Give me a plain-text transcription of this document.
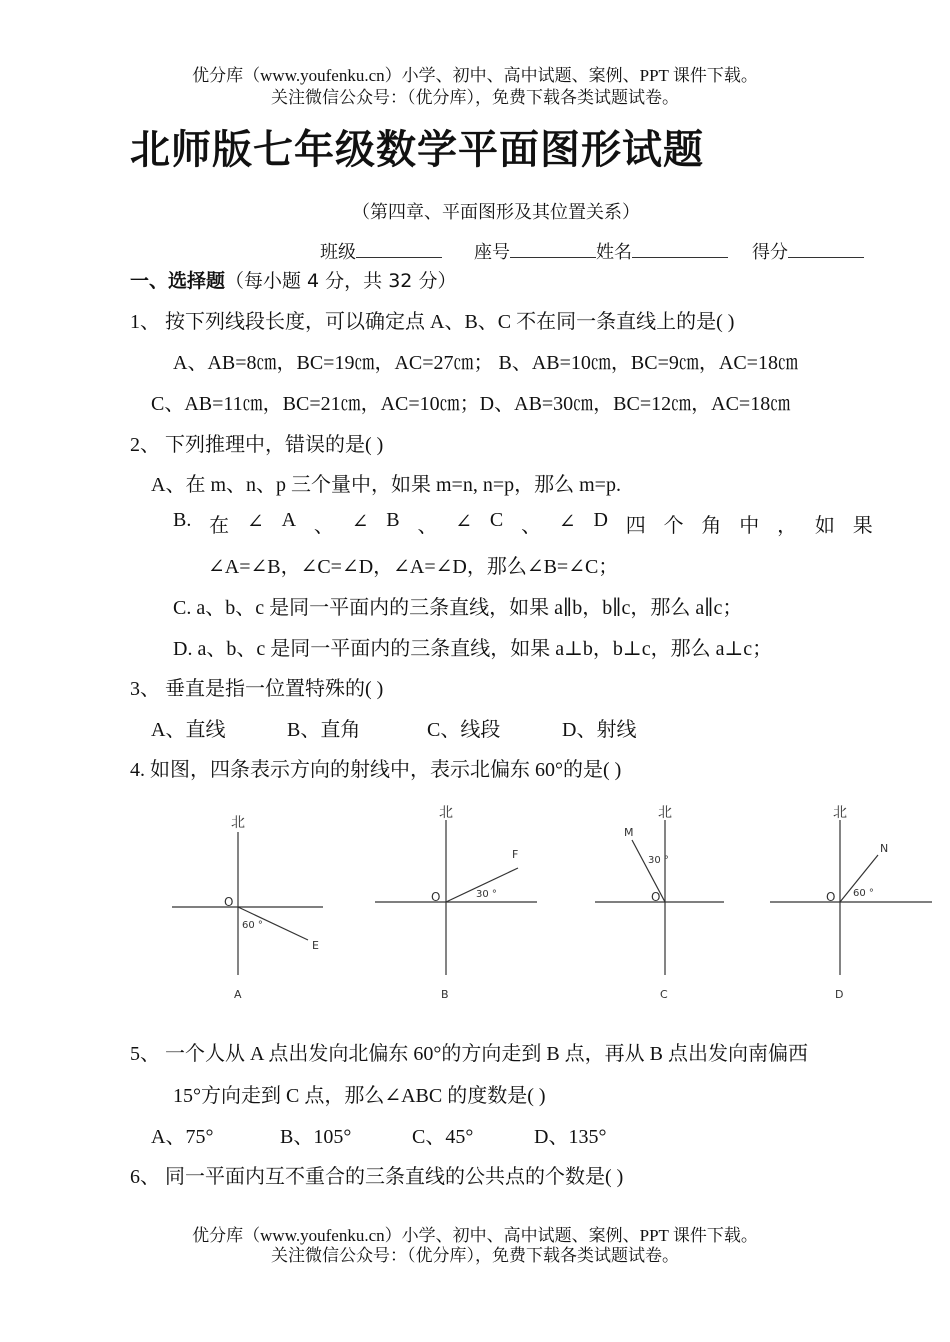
优分库（www.youfenku.cn）小学、初中、高中试题、案例、PPT 课件下载。
关注微信公众号：（优分库），免费下载各类试题试卷。
北师版七年级数学平面图形试题
（第四章、平面图形及其位置关系）
班级	座号	姓名	得分
一、选择题（每小题 4 分，共 32 分）
1、 按下列线段长度，可以确定点 A、B、C 不在同一条直线上的是( )
A、AB=8㎝，BC=19㎝，AC=27㎝； B、AB=10㎝，BC=9㎝，AC=18㎝
C、AB=11㎝，BC=21㎝，AC=10㎝；D、AB=30㎝，BC=12㎝，AC=18㎝
2、 下列推理中，错误的是( )
A、在 m、n、p 三个量中，如果 m=n, n=p，那么 m=p.
B. 在 ∠ A 、 ∠ B 、 ∠ C 、 ∠ D 四 个 角 中 ， 如 果
∠A=∠B，∠C=∠D，∠A=∠D，那么∠B=∠C；
C. a、b、c 是同一平面内的三条直线，如果 a∥b，b∥c，那么 a∥c；
D. a、b、c 是同一平面内的三条直线，如果 a⊥b，b⊥c，那么 a⊥c；
3、 垂直是指一位置特殊的( )
A、直线	B、直角	C、线段	D、射线
4. 如图，四条表示方向的射线中，表示北偏东 60°的是( )
北
O
60 °
E
A
北
O	30 °
F
B
北
O
30 °
M
C
北
O 60 °
N
D
5、 一个人从 A 点出发向北偏东 60°的方向走到 B 点，再从 B 点出发向南偏西
15°方向走到 C 点，那么∠ABC 的度数是( )
A、75°	B、105°	C、45°	D、135°
6、 同一平面内互不重合的三条直线的公共点的个数是( )
优分库（www.youfenku.cn）小学、初中、高中试题、案例、PPT 课件下载。
关注微信公众号：（优分库），免费下载各类试题试卷。
